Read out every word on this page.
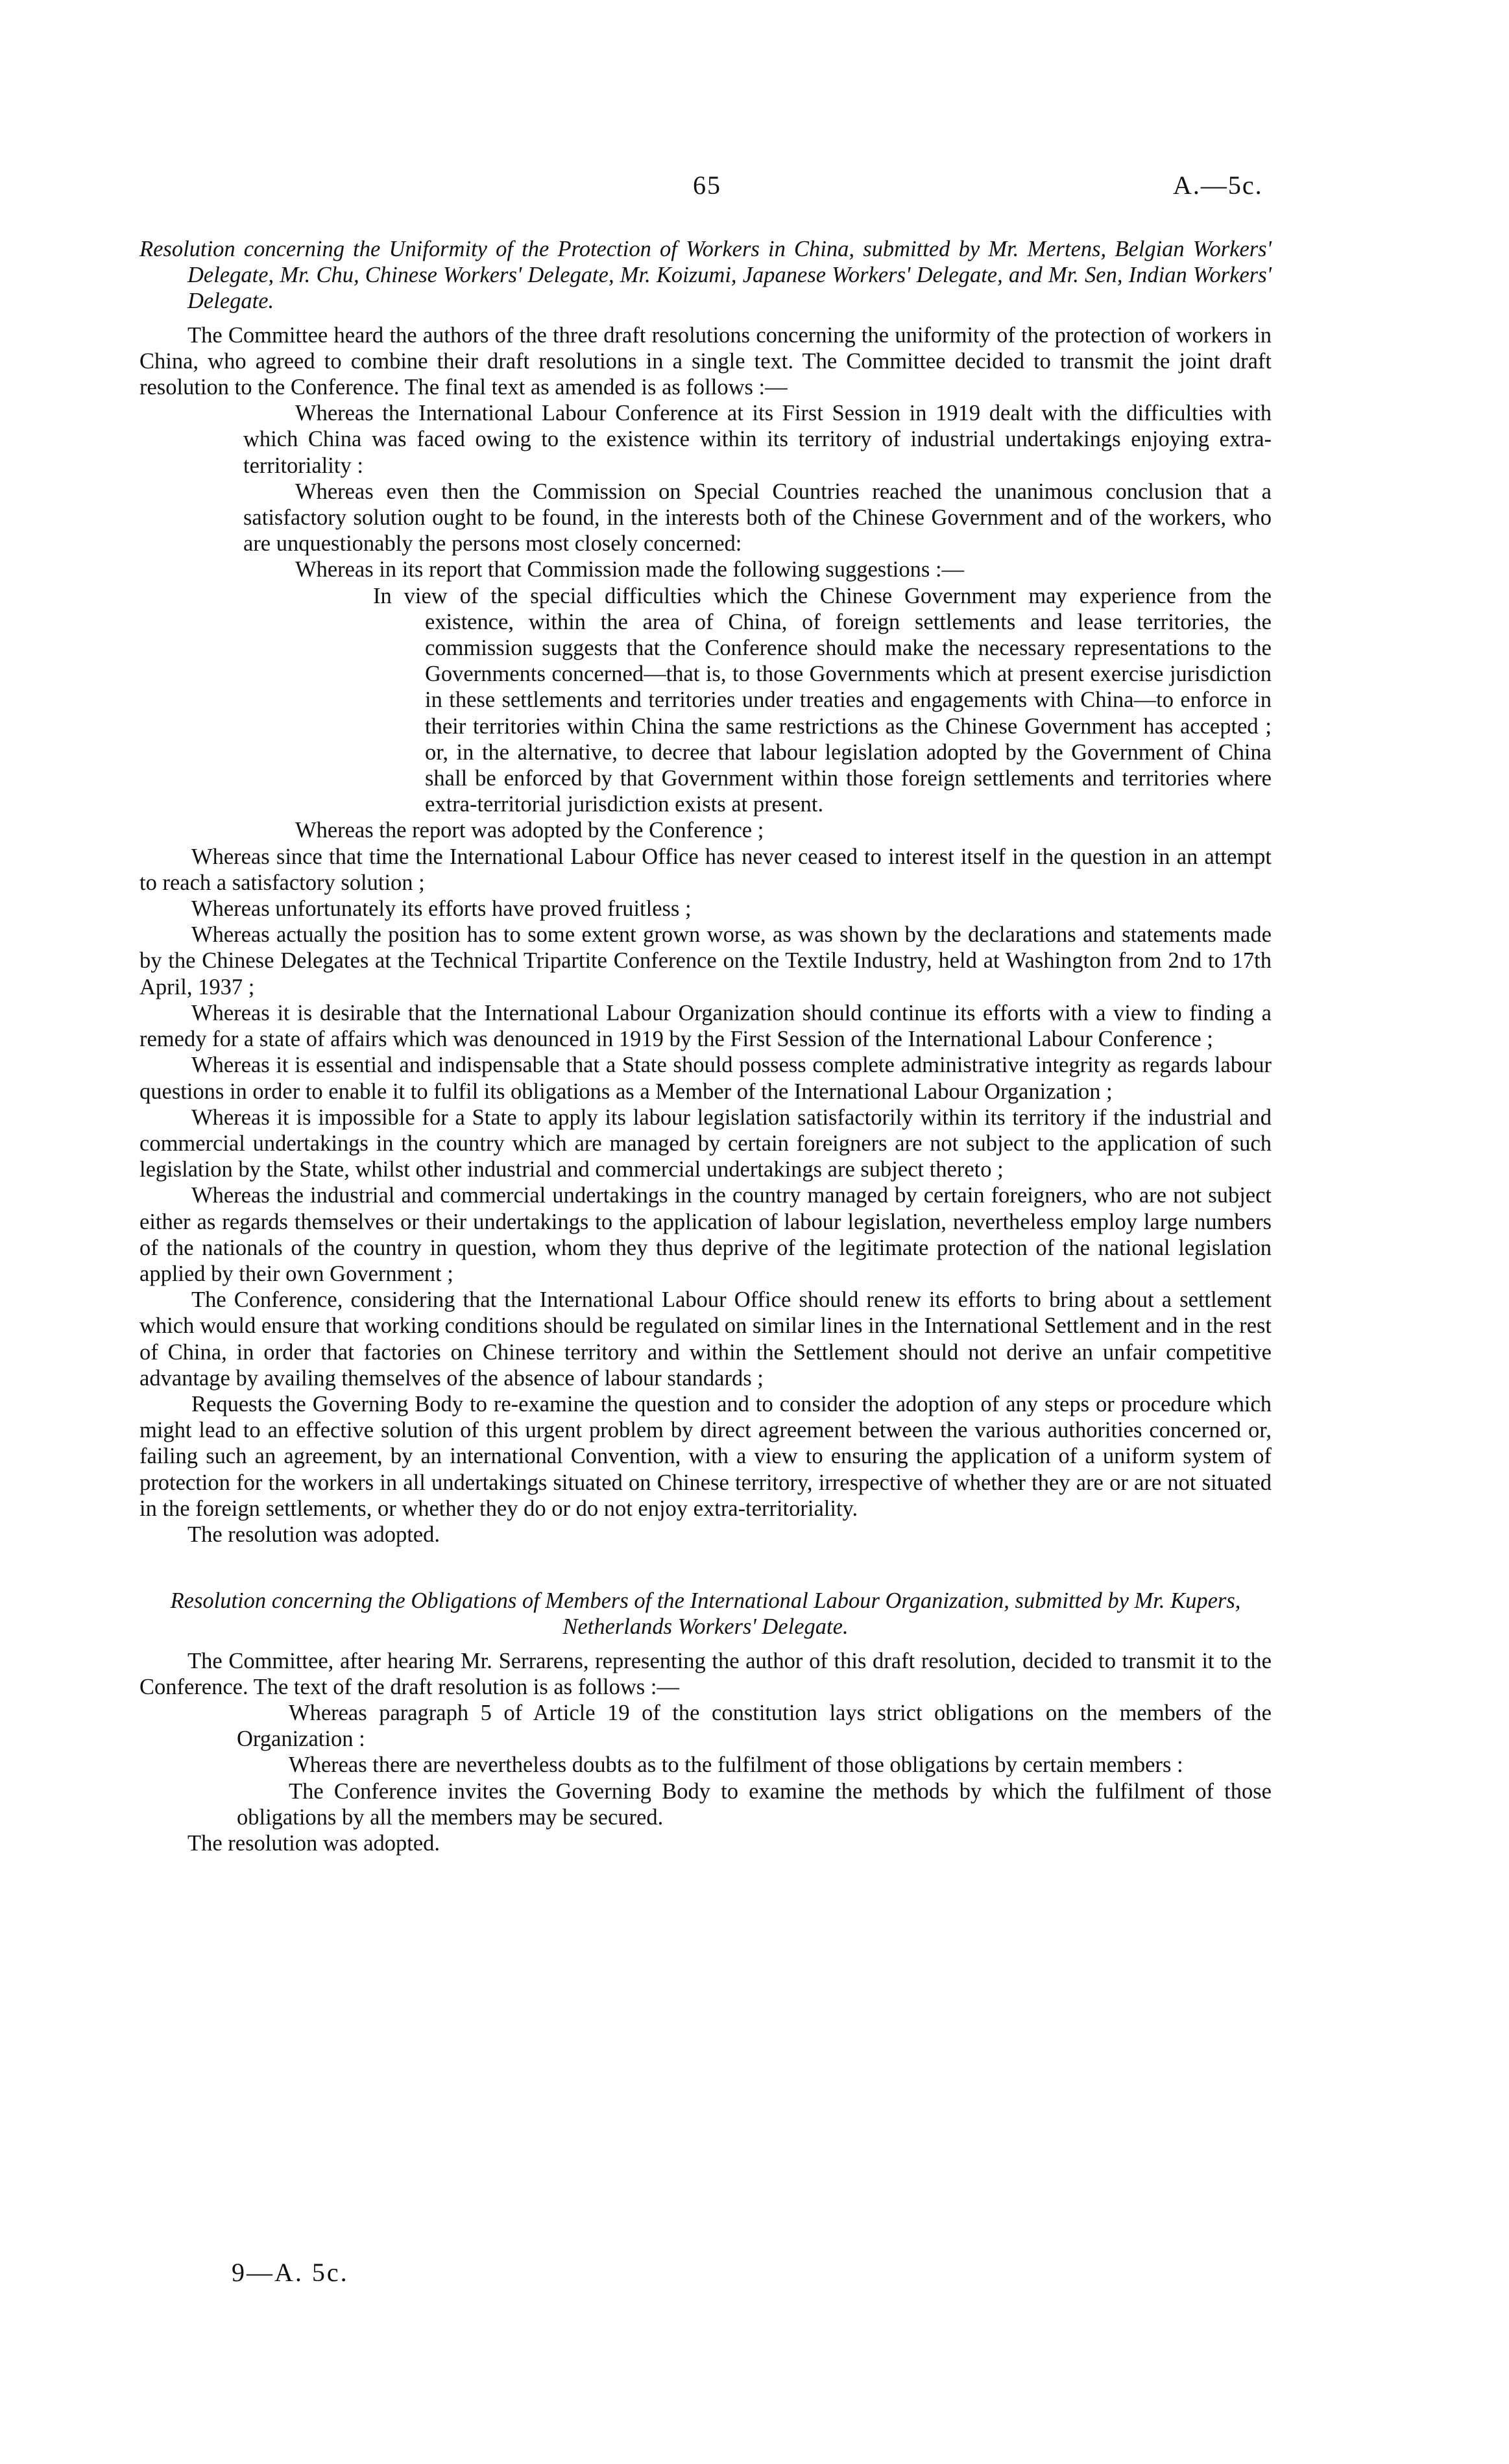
65	A.—5c.

Resolution concerning the Uniformity of the Protection of Workers in China, submitted by Mr. Mertens, Belgian Workers' Delegate, Mr. Chu, Chinese Workers' Delegate, Mr. Koizumi, Japanese Workers' Delegate, and Mr. Sen, Indian Workers' Delegate.

The Committee heard the authors of the three draft resolutions concerning the uniformity of the protection of workers in China, who agreed to combine their draft resolutions in a single text. The Committee decided to transmit the joint draft resolution to the Conference. The final text as amended is as follows :—

Whereas the International Labour Conference at its First Session in 1919 dealt with the difficulties with which China was faced owing to the existence within its territory of industrial undertakings enjoying extra-territoriality :

Whereas even then the Commission on Special Countries reached the unanimous conclusion that a satisfactory solution ought to be found, in the interests both of the Chinese Government and of the workers, who are unquestionably the persons most closely concerned:

Whereas in its report that Commission made the following suggestions :—

In view of the special difficulties which the Chinese Government may experience from the existence, within the area of China, of foreign settlements and lease territories, the commission suggests that the Conference should make the necessary representations to the Governments concerned—that is, to those Governments which at present exercise jurisdiction in these settlements and territories under treaties and engagements with China—to enforce in their territories within China the same restrictions as the Chinese Government has accepted ; or, in the alternative, to decree that labour legislation adopted by the Government of China shall be enforced by that Government within those foreign settlements and territories where extra-territorial jurisdiction exists at present.

Whereas the report was adopted by the Conference ;

Whereas since that time the International Labour Office has never ceased to interest itself in the question in an attempt to reach a satisfactory solution ;

Whereas unfortunately its efforts have proved fruitless ;

Whereas actually the position has to some extent grown worse, as was shown by the declarations and statements made by the Chinese Delegates at the Technical Tripartite Conference on the Textile Industry, held at Washington from 2nd to 17th April, 1937 ;

Whereas it is desirable that the International Labour Organization should continue its efforts with a view to finding a remedy for a state of affairs which was denounced in 1919 by the First Session of the International Labour Conference ;

Whereas it is essential and indispensable that a State should possess complete administrative integrity as regards labour questions in order to enable it to fulfil its obligations as a Member of the International Labour Organization ;

Whereas it is impossible for a State to apply its labour legislation satisfactorily within its territory if the industrial and commercial undertakings in the country which are managed by certain foreigners are not subject to the application of such legislation by the State, whilst other industrial and commercial undertakings are subject thereto ;

Whereas the industrial and commercial undertakings in the country managed by certain foreigners, who are not subject either as regards themselves or their undertakings to the application of labour legislation, nevertheless employ large numbers of the nationals of the country in question, whom they thus deprive of the legitimate protection of the national legislation applied by their own Government ;

The Conference, considering that the International Labour Office should renew its efforts to bring about a settlement which would ensure that working conditions should be regulated on similar lines in the International Settlement and in the rest of China, in order that factories on Chinese territory and within the Settlement should not derive an unfair competitive advantage by availing themselves of the absence of labour standards ;

Requests the Governing Body to re-examine the question and to consider the adoption of any steps or procedure which might lead to an effective solution of this urgent problem by direct agreement between the various authorities concerned or, failing such an agreement, by an international Convention, with a view to ensuring the application of a uniform system of protection for the workers in all undertakings situated on Chinese territory, irrespective of whether they are or are not situated in the foreign settlements, or whether they do or do not enjoy extra-territoriality.

The resolution was adopted.

Resolution concerning the Obligations of Members of the International Labour Organization, submitted by Mr. Kupers, Netherlands Workers' Delegate.

The Committee, after hearing Mr. Serrarens, representing the author of this draft resolution, decided to transmit it to the Conference. The text of the draft resolution is as follows :—

Whereas paragraph 5 of Article 19 of the constitution lays strict obligations on the members of the Organization :

Whereas there are nevertheless doubts as to the fulfilment of those obligations by certain members :

The Conference invites the Governing Body to examine the methods by which the fulfilment of those obligations by all the members may be secured.

The resolution was adopted.

9—A. 5c.
